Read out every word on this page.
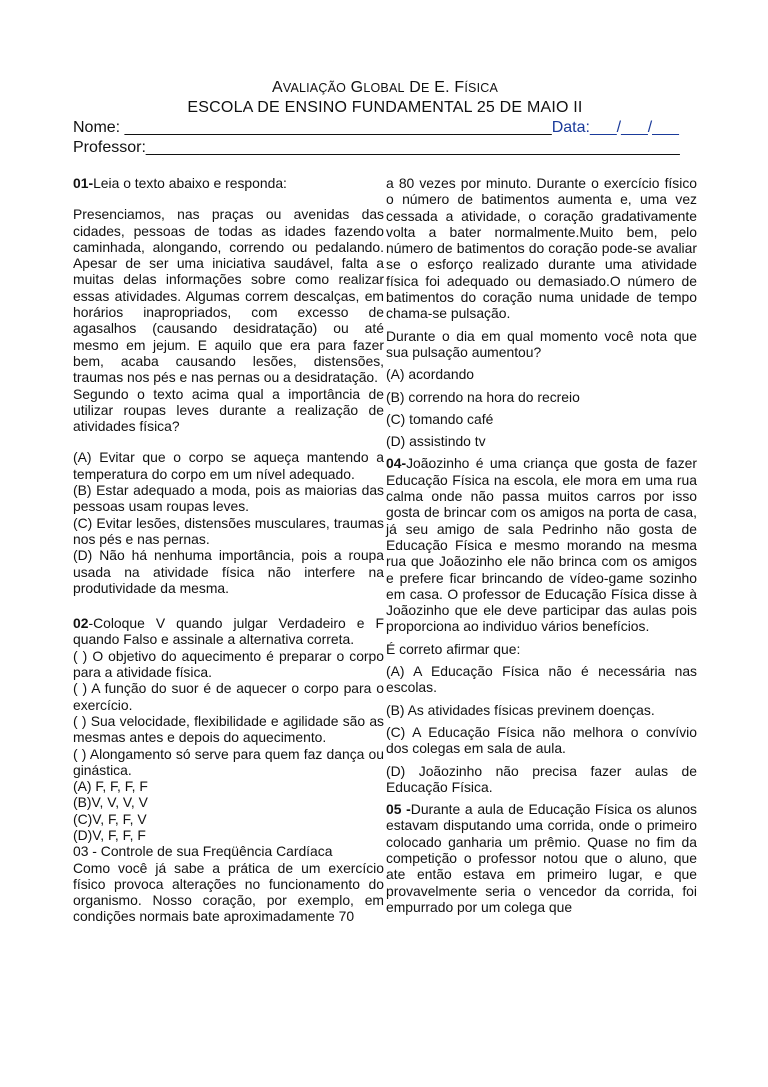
AVALIAÇÃO GLOBAL DE E. FÍSICA
ESCOLA DE ENSINO FUNDAMENTAL 25 DE MAIO II
Nome: ________________________________________________Data:___/___/___
Professor:____________________________________________________________

01-Leia o texto abaixo e responda:

Presenciamos, nas praças ou avenidas das cidades, pessoas de todas as idades fazendo caminhada, alongando, correndo ou pedalando. Apesar de ser uma iniciativa saudável, falta a muitas delas informações sobre como realizar essas atividades. Algumas correm descalças, em horários inapropriados, com excesso de agasalhos (causando desidratação) ou até mesmo em jejum. E aquilo que era para fazer bem, acaba causando lesões, distensões, traumas nos pés e nas pernas ou a desidratação.

Segundo o texto acima qual a importância de utilizar roupas leves durante a realização de atividades física?

(A) Evitar que o corpo se aqueça mantendo a temperatura do corpo em um nível adequado.

(B) Estar adequado a moda, pois as maiorias das pessoas usam roupas leves.

(C) Evitar lesões, distensões musculares, traumas nos pés e nas pernas.

(D) Não há nenhuma importância, pois a roupa usada na atividade física não interfere na produtividade da mesma.

02-Coloque V quando julgar Verdadeiro e F quando Falso e assinale a alternativa correta.

( ) O objetivo do aquecimento é preparar o corpo para a atividade física.

( ) A função do suor é de aquecer o corpo para o exercício.

( ) Sua velocidade, flexibilidade e agilidade são as mesmas antes e depois do aquecimento.

( ) Alongamento só serve para quem faz dança ou ginástica.

(A) F, F, F, F

(B)V, V, V, V

(C)V, F, F, V

(D)V, F, F, F

03 - Controle de sua Freqüência Cardíaca

Como você já sabe a prática de um exercício físico provoca alterações no funcionamento do organismo. Nosso coração, por exemplo, em condições normais bate aproximadamente 70

a 80 vezes por minuto. Durante o exercício físico o número de batimentos aumenta e, uma vez cessada a atividade, o coração gradativamente volta a bater normalmente.Muito bem, pelo número de batimentos do coração pode-se avaliar se o esforço realizado durante uma atividade física foi adequado ou demasiado.O número de batimentos do coração numa unidade de tempo chama-se pulsação.

Durante o dia em qual momento você nota que sua pulsação aumentou?

(A) acordando

(B) correndo na hora do recreio

(C) tomando café

(D) assistindo tv

04-Joãozinho é uma criança que gosta de fazer Educação Física na escola, ele mora em uma rua calma onde não passa muitos carros por isso gosta de brincar com os amigos na porta de casa, já seu amigo de sala Pedrinho não gosta de Educação Física e mesmo morando na mesma rua que Joãozinho ele não brinca com os amigos e prefere ficar brincando de vídeo-game sozinho em casa. O professor de Educação Física disse à Joãozinho que ele deve participar das aulas pois proporciona ao individuo vários benefícios.

É correto afirmar que:

(A) A Educação Física não é necessária nas escolas.

(B) As atividades físicas previnem doenças.

(C) A Educação Física não melhora o convívio dos colegas em sala de aula.

(D) Joãozinho não precisa fazer aulas de Educação Física.

05 -Durante a aula de Educação Física os alunos estavam disputando uma corrida, onde o primeiro colocado ganharia um prêmio. Quase no fim da competição o professor notou que o aluno, que ate então estava em primeiro lugar, e que provavelmente seria o vencedor da corrida, foi empurrado por um colega que
